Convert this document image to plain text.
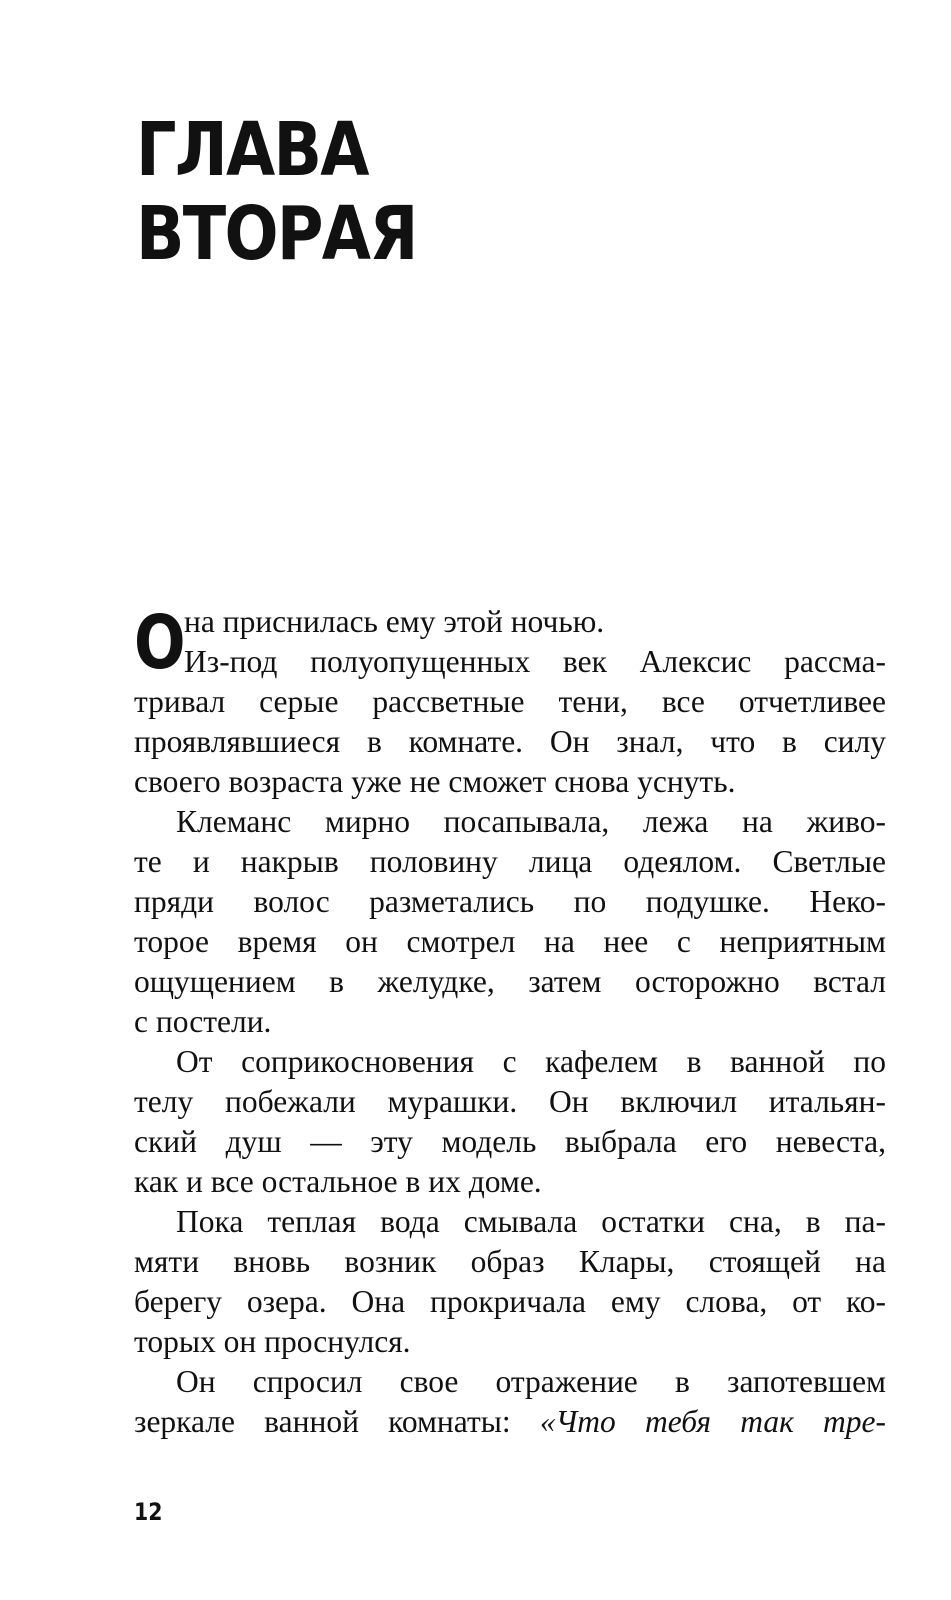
ГЛАВА
ВТОРАЯ

О
на приснилась ему этой ночью.
Из-под полуопущенных век Алексис рассма-
тривал серые рассветные тени, все отчетливее
проявлявшиеся в комнате. Он знал, что в силу
своего возраста уже не сможет снова уснуть.

Клеманс мирно посапывала, лежа на живо-
те и накрыв половину лица одеялом. Светлые
пряди волос разметались по подушке. Неко-
торое время он смотрел на нее с неприятным
ощущением в желудке, затем осторожно встал
с постели.

От соприкосновения с кафелем в ванной по
телу побежали мурашки. Он включил итальян-
ский душ — эту модель выбрала его невеста,
как и все остальное в их доме.

Пока теплая вода смывала остатки сна, в па-
мяти вновь возник образ Клары, стоящей на
берегу озера. Она прокричала ему слова, от ко-
торых он проснулся.

Он спросил свое отражение в запотевшем
зеркале ванной комнаты: «Что тебя так тре-

12
